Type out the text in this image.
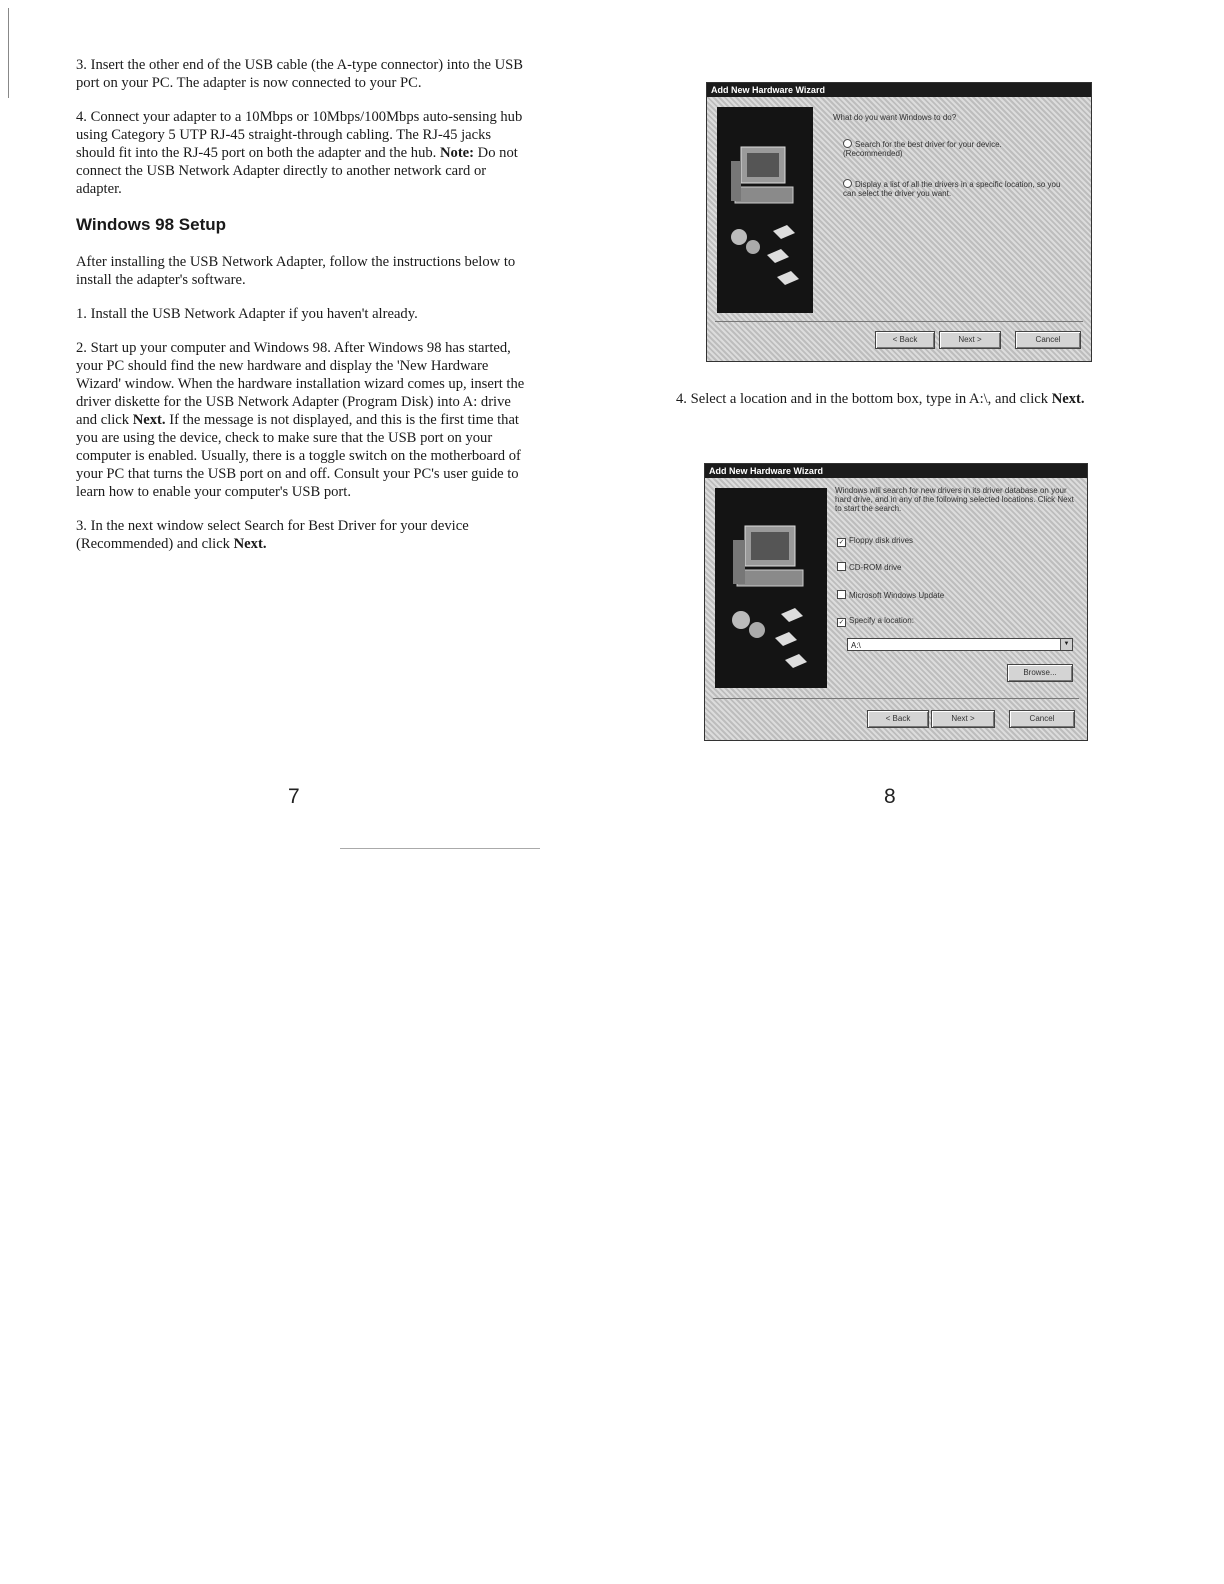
3. Insert the other end of the USB cable (the A-type connector) into the USB port on your PC. The adapter is now connected to your PC.

4. Connect your adapter to a 10Mbps or 10Mbps/100Mbps auto-sensing hub using Category 5 UTP RJ-45 straight-through cabling. The RJ-45 jacks should fit into the RJ-45 port on both the adapter and the hub. Note: Do not connect the USB Network Adapter directly to another network card or adapter.

Windows 98 Setup

After installing the USB Network Adapter, follow the instructions below to install the adapter's software.

1. Install the USB Network Adapter if you haven't already.

2. Start up your computer and Windows 98. After Windows 98 has started, your PC should find the new hardware and display the 'New Hardware Wizard' window. When the hardware installation wizard comes up, insert the driver diskette for the USB Network Adapter (Program Disk) into A: drive and click Next. If the message is not displayed, and this is the first time that you are using the device, check to make sure that the USB port on your computer is enabled. Usually, there is a toggle switch on the motherboard of your PC that turns the USB port on and off. Consult your PC's user guide to learn how to enable your computer's USB port.

3. In the next window select Search for Best Driver for your device (Recommended) and click Next.

7
Add New Hardware Wizard
What do you want Windows to do?
Search for the best driver for your device. (Recommended)
Display a list of all the drivers in a specific location, so you can select the driver you want.
< Back	Next >	Cancel
4. Select a location and in the bottom box, type in A:\, and click Next.
Add New Hardware Wizard
Windows will search for new drivers in its driver database on your hard drive, and in any of the following selected locations. Click Next to start the search.
✓ Floppy disk drives
CD-ROM drive
Microsoft Windows Update
✓ Specify a location:
A:\	▼
Browse...
< Back	Next >	Cancel
8
